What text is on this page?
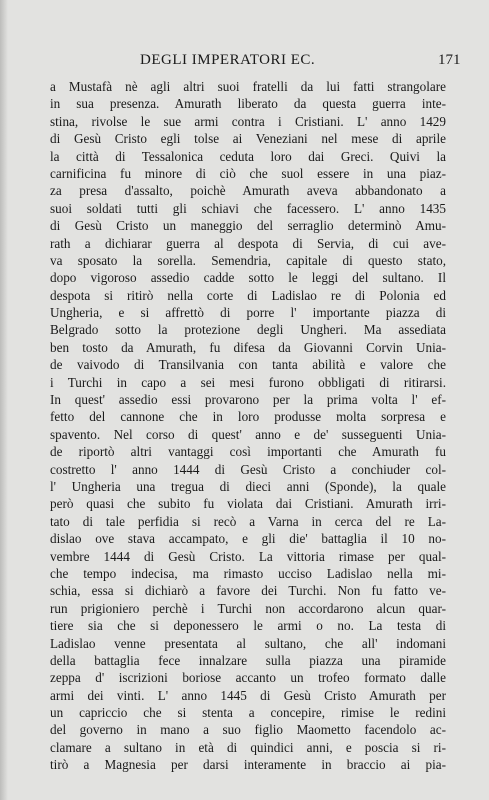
DEGLI IMPERATORI EC.	171
a Mustafà nè agli altri suoi fratelli da lui fatti strangolare
in sua presenza. Amurath liberato da questa guerra inte-
stina, rivolse le sue armi contra i Cristiani. L' anno 1429
di Gesù Cristo egli tolse ai Veneziani nel mese di aprile
la città di Tessalonica ceduta loro dai Greci. Quivi la
carnificina fu minore di ciò che suol essere in una piaz-
za presa d'assalto, poichè Amurath aveva abbandonato a
suoi soldati tutti gli schiavi che facessero. L' anno 1435
di Gesù Cristo un maneggio del serraglio determinò Amu-
rath a dichiarar guerra al despota di Servia, di cui ave-
va sposato la sorella. Semendria, capitale di questo stato,
dopo vigoroso assedio cadde sotto le leggi del sultano. Il
despota si ritirò nella corte di Ladislao re di Polonia ed
Ungheria, e si affrettò di porre l' importante piazza di
Belgrado sotto la protezione degli Ungheri. Ma assediata
ben tosto da Amurath, fu difesa da Giovanni Corvin Unia-
de vaivodo di Transilvania con tanta abilità e valore che
i Turchi in capo a sei mesi furono obbligati di ritirarsi.
In quest' assedio essi provarono per la prima volta l' ef-
fetto del cannone che in loro produsse molta sorpresa e
spavento. Nel corso di quest' anno e de' susseguenti Unia-
de riportò altri vantaggi così importanti che Amurath fu
costretto l' anno 1444 di Gesù Cristo a conchiuder col-
l' Ungheria una tregua di dieci anni (Sponde), la quale
però quasi che subito fu violata dai Cristiani. Amurath irri-
tato di tale perfidia si recò a Varna in cerca del re La-
dislao ove stava accampato, e gli die' battaglia il 10 no-
vembre 1444 di Gesù Cristo. La vittoria rimase per qual-
che tempo indecisa, ma rimasto ucciso Ladislao nella mi-
schia, essa si dichiarò a favore dei Turchi. Non fu fatto ve-
run prigioniero perchè i Turchi non accordarono alcun quar-
tiere sia che si deponessero le armi o no. La testa di
Ladislao venne presentata al sultano, che all' indomani
della battaglia fece innalzare sulla piazza una piramide
zeppa d' iscrizioni boriose accanto un trofeo formato dalle
armi dei vinti. L' anno 1445 di Gesù Cristo Amurath per
un capriccio che si stenta a concepire, rimise le redini
del governo in mano a suo figlio Maometto facendolo ac-
clamare a sultano in età di quindici anni, e poscia si ri-
tirò a Magnesia per darsi interamente in braccio ai pia-
